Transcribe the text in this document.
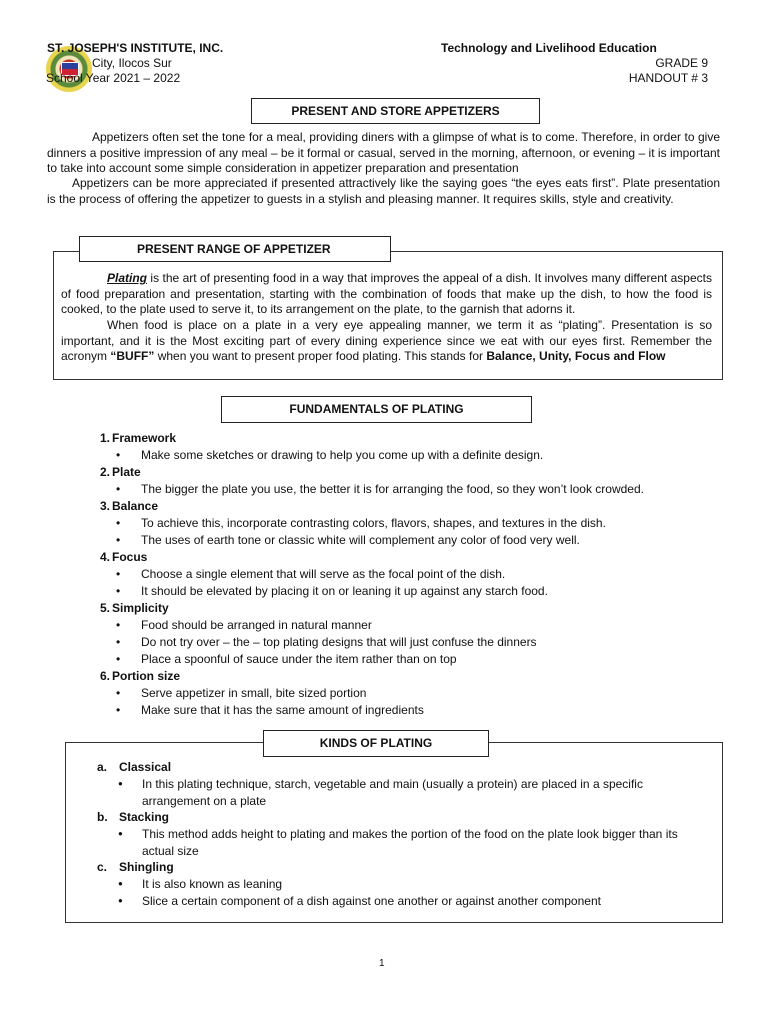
ST. JOSEPH'S INSTITUTE, INC.
City, Ilocos Sur
School Year 2021 – 2022
Technology and Livelihood Education
GRADE 9
HANDOUT # 3
PRESENT AND STORE APPETIZERS
Appetizers often set the tone for a meal, providing diners with a glimpse of what is to come. Therefore, in order to give dinners a positive impression of any meal – be it formal or casual, served in the morning, afternoon, or evening – it is important to take into account some simple consideration in appetizer preparation and presentation
Appetizers can be more appreciated if presented attractively like the saying goes “the eyes eats first”. Plate presentation is the process of offering the appetizer to guests in a stylish and pleasing manner. It requires skills, style and creativity.
PRESENT RANGE OF APPETIZER
Plating is the art of presenting food in a way that improves the appeal of a dish. It involves many different aspects of food preparation and presentation, starting with the combination of foods that make up the dish, to how the food is cooked, to the plate used to serve it, to its arrangement on the plate, to the garnish that adorns it.
When food is place on a plate in a very eye appealing manner, we term it as “plating”. Presentation is so important, and it is the Most exciting part of every dining experience since we eat with our eyes first. Remember the acronym “BUFF” when you want to present proper food plating. This stands for Balance, Unity, Focus and Flow
FUNDAMENTALS OF PLATING
1. Framework
• Make some sketches or drawing to help you come up with a definite design.
2. Plate
• The bigger the plate you use, the better it is for arranging the food, so they won’t look crowded.
3. Balance
• To achieve this, incorporate contrasting colors, flavors, shapes, and textures in the dish.
• The uses of earth tone or classic white will complement any color of food very well.
4. Focus
• Choose a single element that will serve as the focal point of the dish.
• It should be elevated by placing it on or leaning it up against any starch food.
5. Simplicity
• Food should be arranged in natural manner
• Do not try over – the – top plating designs that will just confuse the dinners
• Place a spoonful of sauce under the item rather than on top
6. Portion size
• Serve appetizer in small, bite sized portion
• Make sure that it has the same amount of ingredients
KINDS OF PLATING
a. Classical
● In this plating technique, starch, vegetable and main (usually a protein) are placed in a specific arrangement on a plate
b. Stacking
● This method adds height to plating and makes the portion of the food on the plate look bigger than its actual size
c. Shingling
● It is also known as leaning
● Slice a certain component of a dish against one another or against another component
1
